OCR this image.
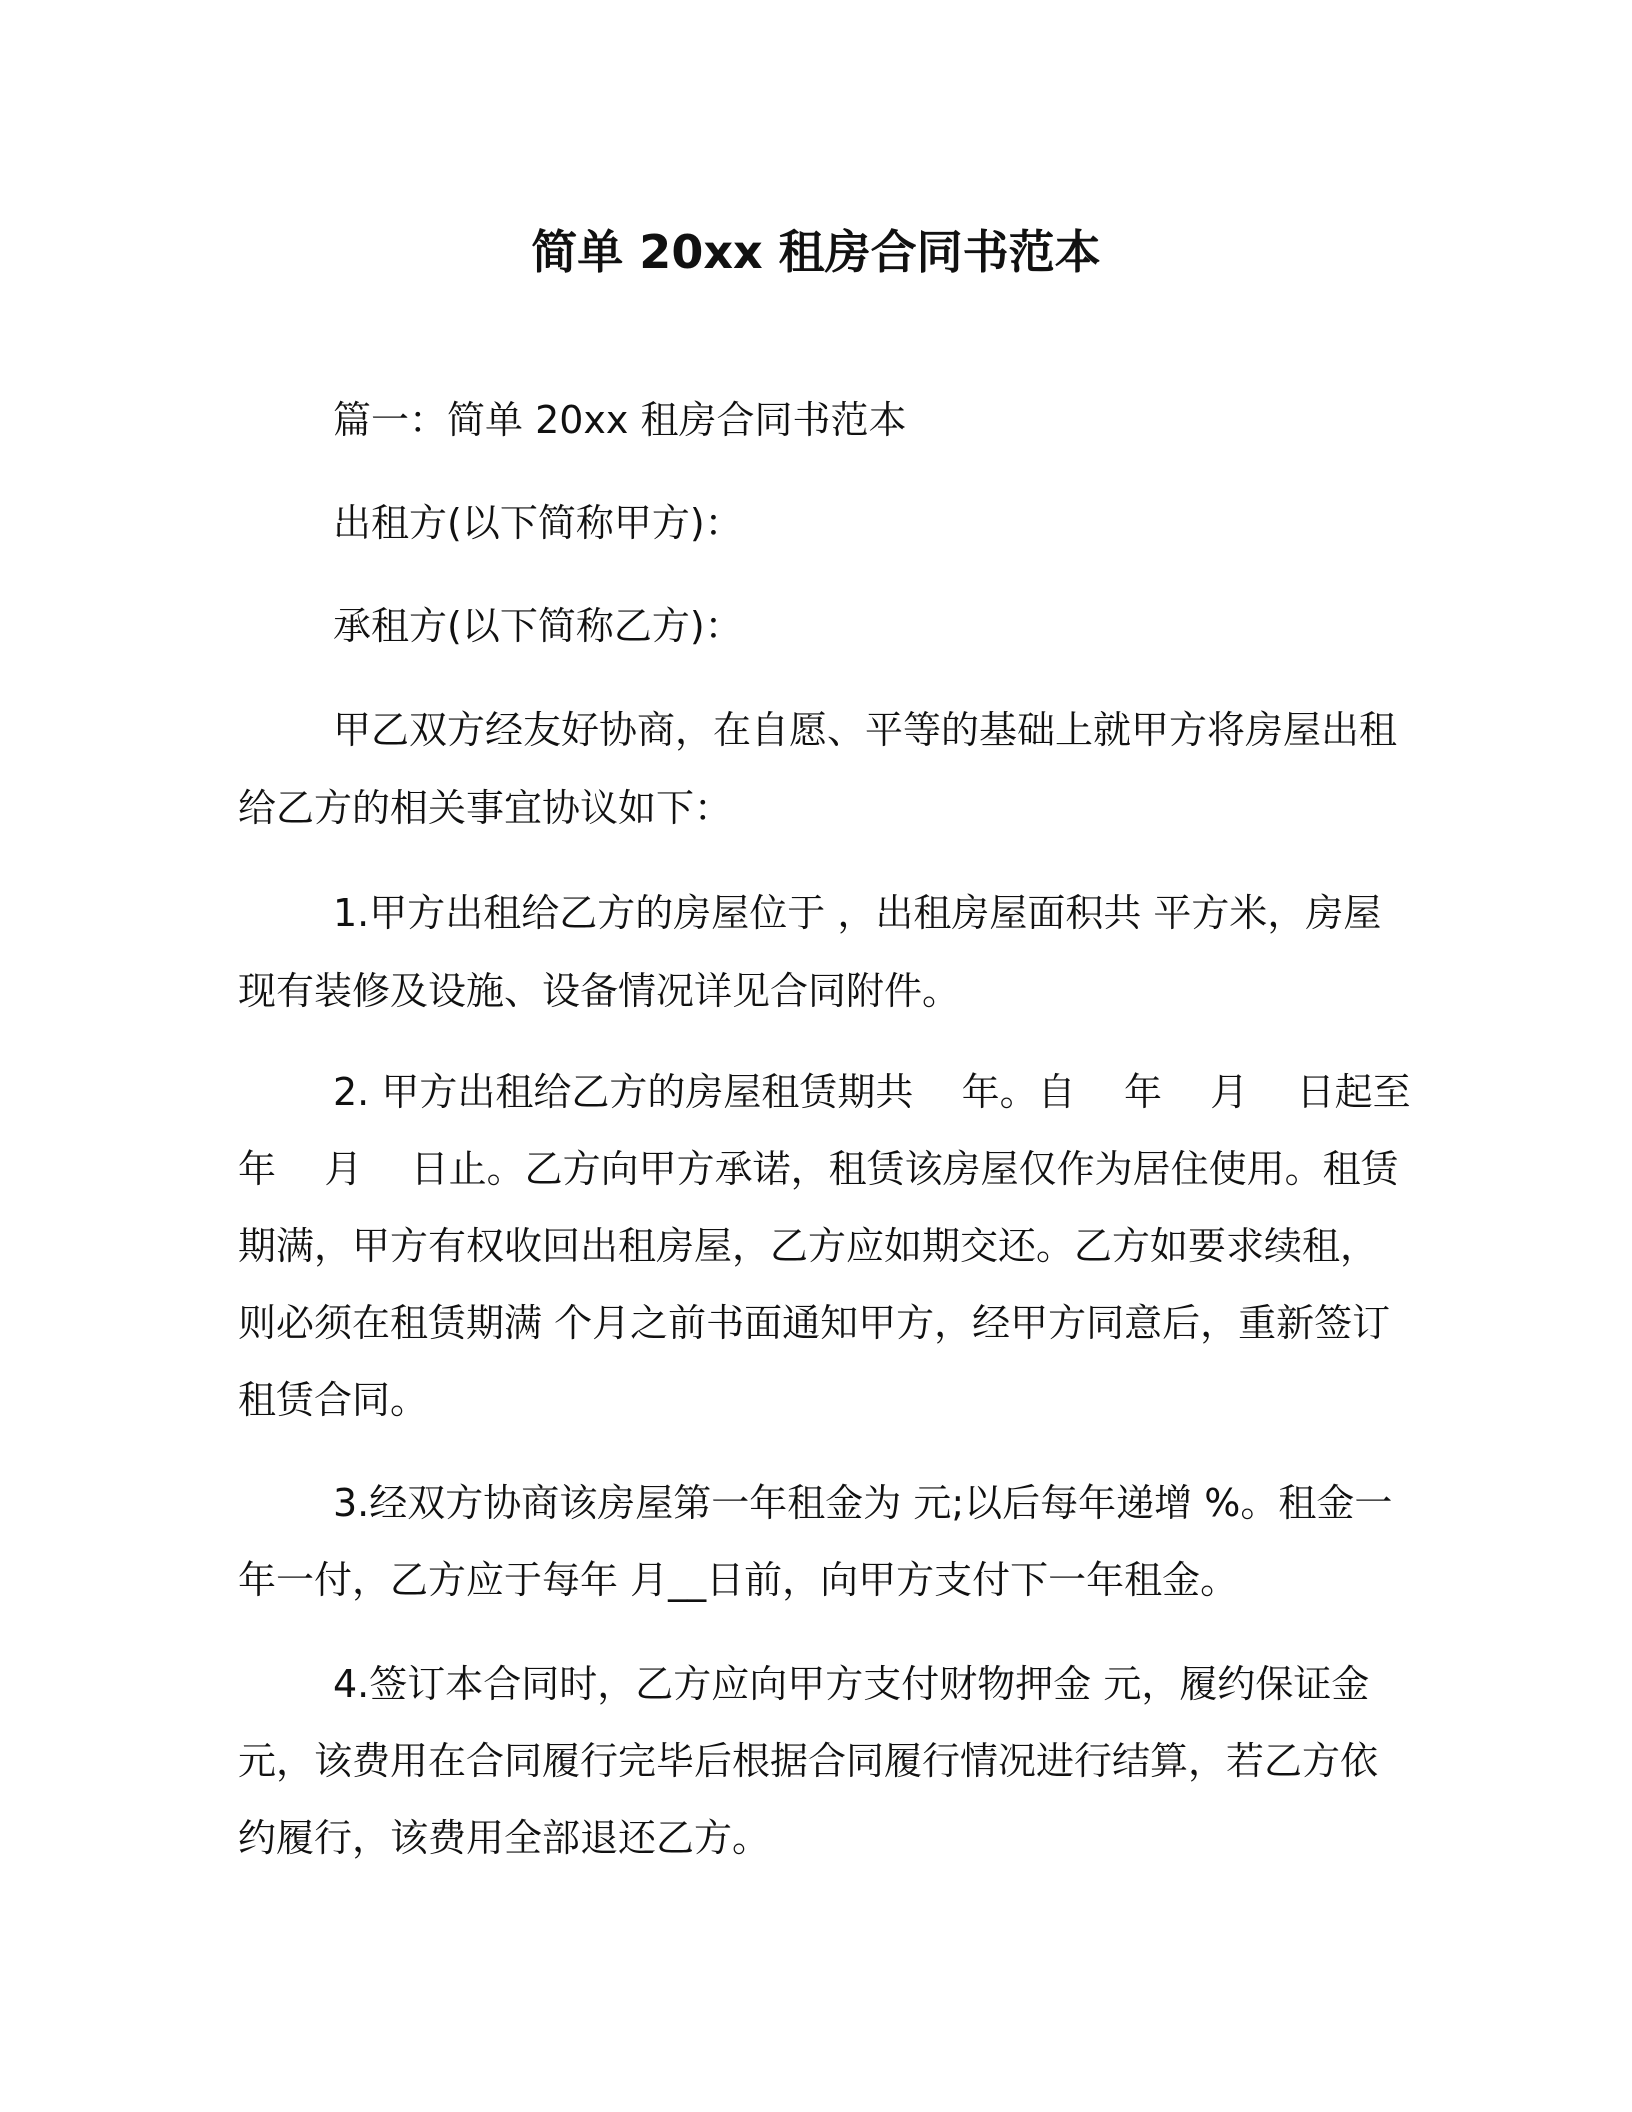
简单 20xx 租房合同书范本
篇一：简单 20xx 租房合同书范本
出租方(以下简称甲方)：
承租方(以下简称乙方)：
甲乙双方经友好协商，在自愿、平等的基础上就甲方将房屋出租
给乙方的相关事宜协议如下：
1.甲方出租给乙方的房屋位于 ，出租房屋面积共 平方米，房屋
现有装修及设施、设备情况详见合同附件。
2. 甲方出租给乙方的房屋租赁期共    年。自    年    月    日起至
年    月    日止。乙方向甲方承诺，租赁该房屋仅作为居住使用。租赁
期满，甲方有权收回出租房屋，乙方应如期交还。乙方如要求续租，
则必须在租赁期满 个月之前书面通知甲方，经甲方同意后，重新签订
租赁合同。
3.经双方协商该房屋第一年租金为 元;以后每年递增 %。租金一
年一付，乙方应于每年 月__日前，向甲方支付下一年租金。
4.签订本合同时，乙方应向甲方支付财物押金 元，履约保证金
元，该费用在合同履行完毕后根据合同履行情况进行结算，若乙方依
约履行，该费用全部退还乙方。
